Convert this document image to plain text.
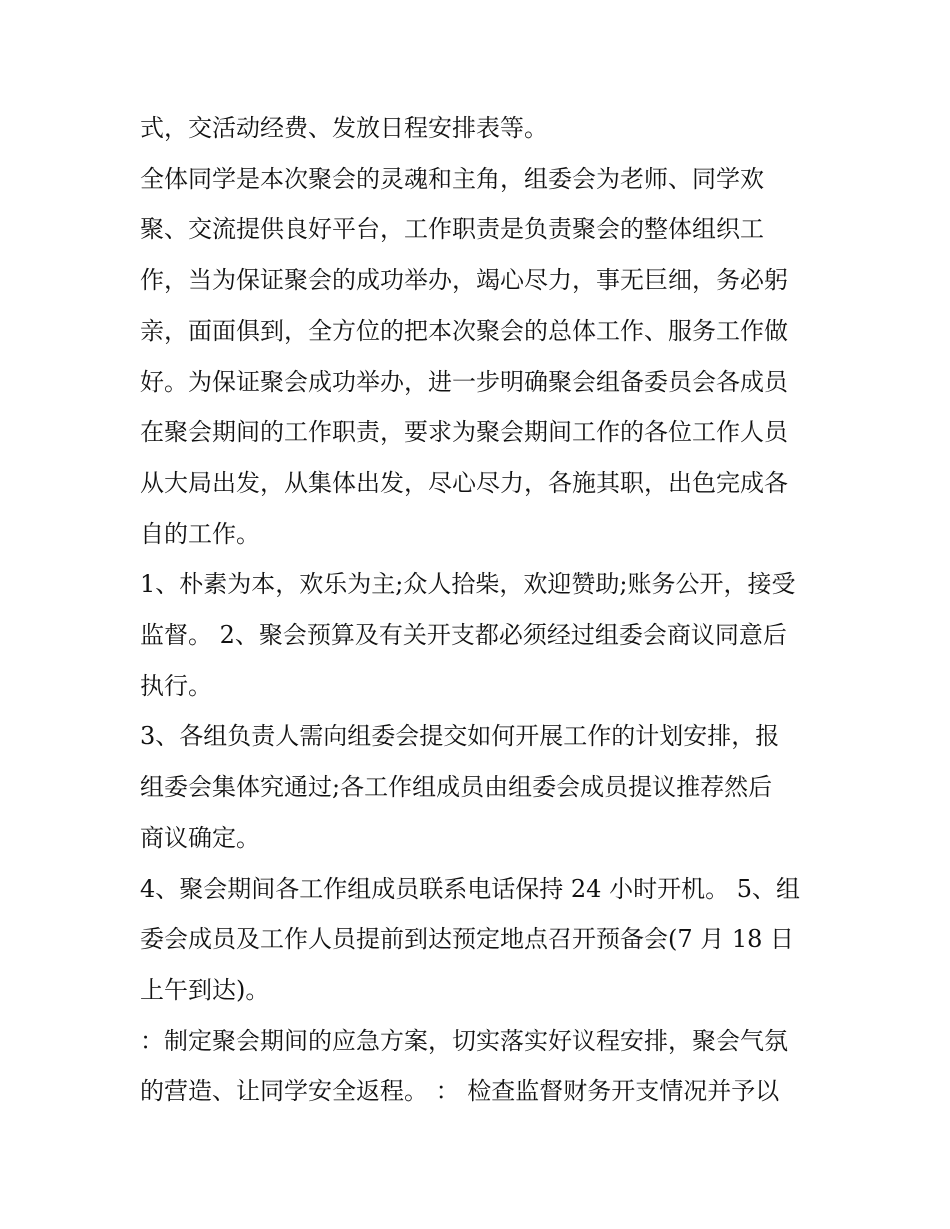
式，交活动经费、发放日程安排表等。
全体同学是本次聚会的灵魂和主角，组委会为老师、同学欢
聚、交流提供良好平台，工作职责是负责聚会的整体组织工
作，当为保证聚会的成功举办，竭心尽力，事无巨细，务必躬
亲，面面俱到，全方位的把本次聚会的总体工作、服务工作做
好。为保证聚会成功举办，进一步明确聚会组备委员会各成员
在聚会期间的工作职责，要求为聚会期间工作的各位工作人员
从大局出发，从集体出发，尽心尽力，各施其职，出色完成各
自的工作。
1、朴素为本，欢乐为主;众人拾柴，欢迎赞助;账务公开，接受
监督。 2、聚会预算及有关开支都必须经过组委会商议同意后
执行。
3、各组负责人需向组委会提交如何开展工作的计划安排，报
组委会集体究通过;各工作组成员由组委会成员提议推荐然后
商议确定。
4、聚会期间各工作组成员联系电话保持 24 小时开机。 5、组
委会成员及工作人员提前到达预定地点召开预备会(7 月 18 日
上午到达)。
：制定聚会期间的应急方案，切实落实好议程安排，聚会气氛
的营造、让同学安全返程。 ： 检查监督财务开支情况并予以
